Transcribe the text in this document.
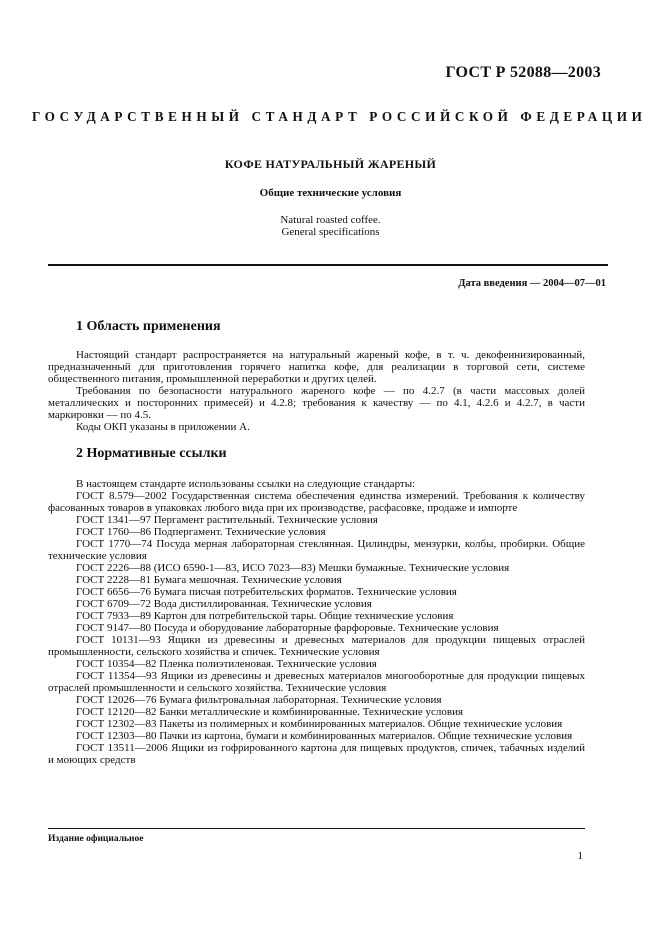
ГОСТ Р 52088—2003
ГОСУДАРСТВЕННЫЙ СТАНДАРТ РОССИЙСКОЙ ФЕДЕРАЦИИ
КОФЕ НАТУРАЛЬНЫЙ ЖАРЕНЫЙ
Общие технические условия
Natural roasted coffee.
General specifications
Дата введения — 2004—07—01
1 Область применения

Настоящий стандарт распространяется на натуральный жареный кофе, в т. ч. декофеинизированный, предназначенный для приготовления горячего напитка кофе, для реализации в торговой сети, системе общественного питания, промышленной переработки и других целей.

Требования по безопасности натурального жареного кофе — по 4.2.7 (в части массовых долей металлических и посторонних примесей) и 4.2.8; требования к качеству — по 4.1, 4.2.6 и 4.2.7, в части маркировки — по 4.5.

Коды ОКП указаны в приложении А.

2 Нормативные ссылки

В настоящем стандарте использованы ссылки на следующие стандарты:

ГОСТ 8.579—2002 Государственная система обеспечения единства измерений. Требования к количеству фасованных товаров в упаковках любого вида при их производстве, расфасовке, продаже и импорте

ГОСТ 1341—97 Пергамент растительный. Технические условия

ГОСТ 1760—86 Подпергамент. Технические условия

ГОСТ 1770—74 Посуда мерная лабораторная стеклянная. Цилиндры, мензурки, колбы, пробирки. Общие технические условия

ГОСТ 2226—88 (ИСО 6590-1—83, ИСО 7023—83) Мешки бумажные. Технические условия

ГОСТ 2228—81 Бумага мешочная. Технические условия

ГОСТ 6656—76 Бумага писчая потребительских форматов. Технические условия

ГОСТ 6709—72 Вода дистиллированная. Технические условия

ГОСТ 7933—89 Картон для потребительской тары. Общие технические условия

ГОСТ 9147—80 Посуда и оборудование лабораторные фарфоровые. Технические условия

ГОСТ 10131—93 Ящики из древесины и древесных материалов для продукции пищевых отраслей промышленности, сельского хозяйства и спичек. Технические условия

ГОСТ 10354—82 Пленка полиэтиленовая. Технические условия

ГОСТ 11354—93 Ящики из древесины и древесных материалов многооборотные для продукции пищевых отраслей промышленности и сельского хозяйства. Технические условия

ГОСТ 12026—76 Бумага фильтровальная лабораторная. Технические условия

ГОСТ 12120—82 Банки металлические и комбинированные. Технические условия

ГОСТ 12302—83 Пакеты из полимерных и комбинированных материалов. Общие технические условия

ГОСТ 12303—80 Пачки из картона, бумаги и комбинированных материалов. Общие технические условия

ГОСТ 13511—2006 Ящики из гофрированного картона для пищевых продуктов, спичек, табачных изделий и моющих средств

Издание официальное
1
